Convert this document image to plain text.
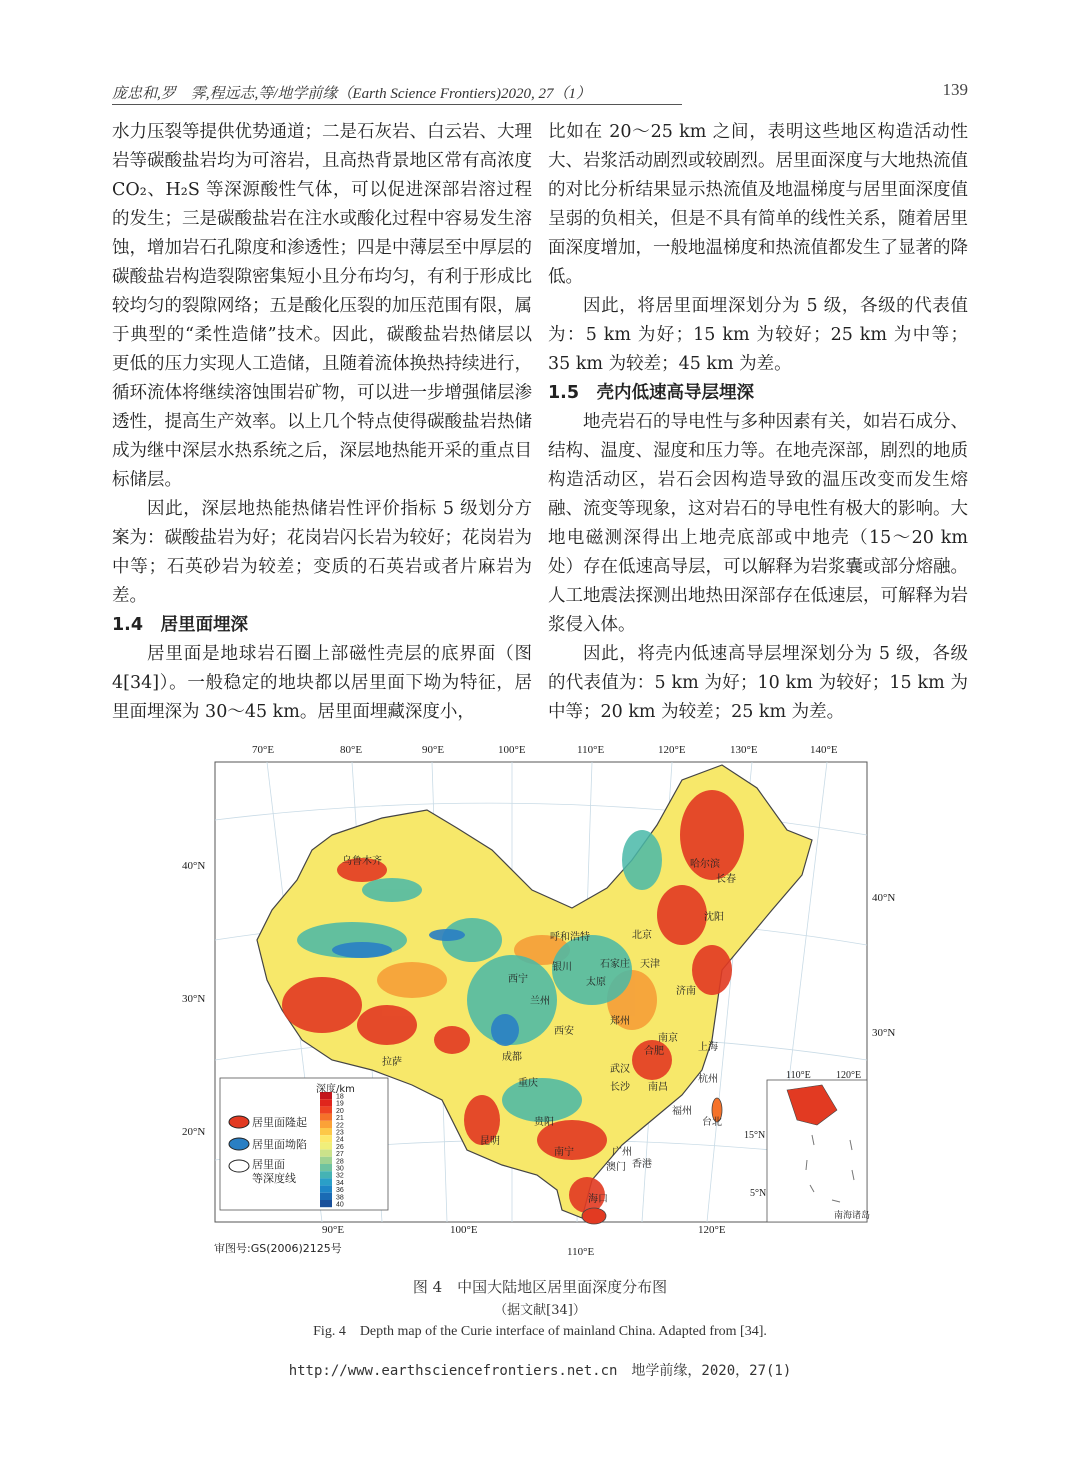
庞忠和,罗　霁,程远志,等/地学前缘（Earth Science Frontiers)2020, 27（1）	139

水力压裂等提供优势通道；二是石灰岩、白云岩、大理岩等碳酸盐岩均为可溶岩，且高热背景地区常有高浓度 CO₂、H₂S 等深源酸性气体，可以促进深部岩溶过程的发生；三是碳酸盐岩在注水或酸化过程中容易发生溶蚀，增加岩石孔隙度和渗透性；四是中薄层至中厚层的碳酸盐岩构造裂隙密集短小且分布均匀，有利于形成比较均匀的裂隙网络；五是酸化压裂的加压范围有限，属于典型的“柔性造储”技术。因此，碳酸盐岩热储层以更低的压力实现人工造储，且随着流体换热持续进行，循环流体将继续溶蚀围岩矿物，可以进一步增强储层渗透性，提高生产效率。以上几个特点使得碳酸盐岩热储成为继中深层水热系统之后，深层地热能开采的重点目标储层。

因此，深层地热能热储岩性评价指标 5 级划分方案为：碳酸盐岩为好；花岗岩闪长岩为较好；花岗岩为中等；石英砂岩为较差；变质的石英岩或者片麻岩为差。

1.4　居里面埋深

居里面是地球岩石圈上部磁性壳层的底界面（图 4[34]）。一般稳定的地块都以居里面下坳为特征，居里面埋深为 30～45 km。居里面埋藏深度小，

比如在 20～25 km 之间，表明这些地区构造活动性大、岩浆活动剧烈或较剧烈。居里面深度与大地热流值的对比分析结果显示热流值及地温梯度与居里面深度值呈弱的负相关，但是不具有简单的线性关系，随着居里面深度增加，一般地温梯度和热流值都发生了显著的降低。

因此，将居里面埋深划分为 5 级，各级的代表值为：5 km 为好；15 km 为较好；25 km 为中等；35 km 为较差；45 km 为差。

1.5　壳内低速高导层埋深

地壳岩石的导电性与多种因素有关，如岩石成分、结构、温度、湿度和压力等。在地壳深部，剧烈的地质构造活动区，岩石会因构造导致的温压改变而发生熔融、流变等现象，这对岩石的导电性有极大的影响。大地电磁测深得出上地壳底部或中地壳（15～20 km 处）存在低速高导层，可以解释为岩浆囊或部分熔融。人工地震法探测出地热田深部存在低速层，可解释为岩浆侵入体。

因此，将壳内低速高导层埋深划分为 5 级，各级的代表值为：5 km 为好；10 km 为较好；15 km 为中等；20 km 为较差；25 km 为差。

18
19
20
21
22
23
24
26
27
28
30
32
34
36
38
40
70°E	80°E	90°E	100°E	110°E	120°E	130°E	140°E
40°N
30°N
20°N
40°N
30°N
90°E	100°E	120°E
110°E
110°E	120°E
15°N
5°N
南海诸岛
居里面隆起
居里面坳陷
居里面
等深度线
深度/km
审图号:GS(2006)2125号
乌鲁木齐	哈尔滨
长春
沈阳
呼和浩特	北京
银川	石家庄 天津
西宁	太原
济南
兰州
郑州
西安
南京
合肥	上海
拉萨	成都
武汉
杭州
重庆	长沙 南昌
福州
贵阳	台北
昆明
南宁	广州
香港
澳门
海口
图 4　中国大陆地区居里面深度分布图
（据文献[34]）
Fig. 4　Depth map of the Curie interface of mainland China. Adapted from [34].
http://www.earthsciencefrontiers.net.cn　地学前缘，2020，27(1)
